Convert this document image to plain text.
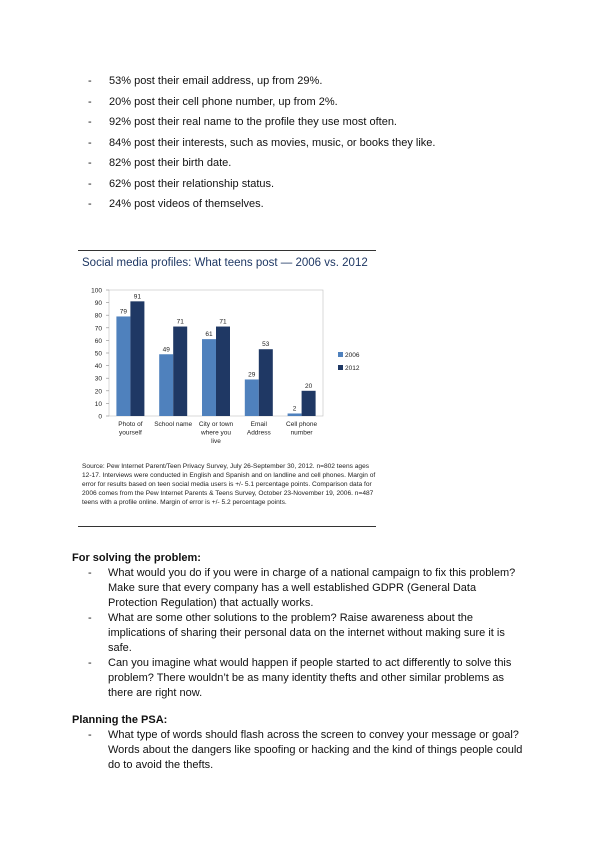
- 53% post their email address, up from 29%.
- 20% post their cell phone number, up from 2%.
- 92% post their real name to the profile they use most often.
- 84% post their interests, such as movies, music, or books they like.
- 82% post their birth date.
- 62% post their relationship status.
- 24% post videos of themselves.
Social media profiles: What teens post — 2006 vs. 2012
0
10
20
30
40
50
60
70
80
90
100
79
91
Photo of
yourself
49
71
School name
61
71
City or town
where you
live
29
53
Email
Address
2
20
Cell phone
number
2006
2012
Source: Pew Internet Parent/Teen Privacy Survey, July 26-September 30, 2012. n=802 teens ages 12-17. Interviews were conducted in English and Spanish and on landline and cell phones. Margin of error for results based on teen social media users is +/- 5.1 percentage points. Comparison data for 2006 comes from the Pew Internet Parents & Teens Survey, October 23-November 19, 2006. n=487 teens with a profile online. Margin of error is +/- 5.2 percentage points.
For solving the problem:
- What would you do if you were in charge of a national campaign to fix this problem? Make sure that every company has a well established GDPR (General Data Protection Regulation) that actually works.
- What are some other solutions to the problem? Raise awareness about the implications of sharing their personal data on the internet without making sure it is safe.
- Can you imagine what would happen if people started to act differently to solve this problem? There wouldn’t be as many identity thefts and other similar problems as there are right now.
Planning the PSA:
- What type of words should flash across the screen to convey your message or goal? Words about the dangers like spoofing or hacking and the kind of things people could do to avoid the thefts.
